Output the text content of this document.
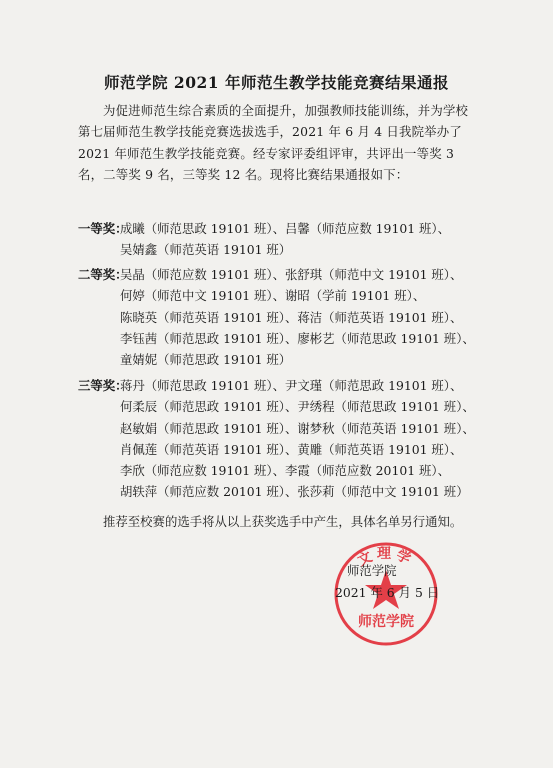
师范学院 2021 年师范生教学技能竞赛结果通报
为促进师范生综合素质的全面提升，加强教师技能训练，并为学校第七届师范生教学技能竞赛选拔选手，2021 年 6 月 4 日我院举办了 2021 年师范生教学技能竞赛。经专家评委组评审，共评出一等奖 3 名，二等奖 9 名，三等奖 12 名。现将比赛结果通报如下：
一等奖：
成曦（师范思政 19101 班）、吕馨（师范应数 19101 班）、
吴婧鑫（师范英语 19101 班）
二等奖：
吴晶（师范应数 19101 班）、张舒琪（师范中文 19101 班）、
何婷（师范中文 19101 班）、谢昭（学前 19101 班）、
陈晓英（师范英语 19101 班）、蒋洁（师范英语 19101 班）、
李钰茜（师范思政 19101 班）、廖彬艺（师范思政 19101 班）、
童婧妮（师范思政 19101 班）
三等奖：
蒋丹（师范思政 19101 班）、尹文瑾（师范思政 19101 班）、
何柔辰（师范思政 19101 班）、尹绣程（师范思政 19101 班）、
赵敏娟（师范思政 19101 班）、谢梦秋（师范英语 19101 班）、
肖佩莲（师范英语 19101 班）、黄雕（师范英语 19101 班）、
李欣（师范应数 19101 班）、李霞（师范应数 20101 班）、
胡轶萍（师范应数 20101 班）、张莎莉（师范中文 19101 班）
推荐至校赛的选手将从以上获奖选手中产生，具体名单另行通知。
文理学
师范学院
师范学院
2021 年 6 月 5 日
